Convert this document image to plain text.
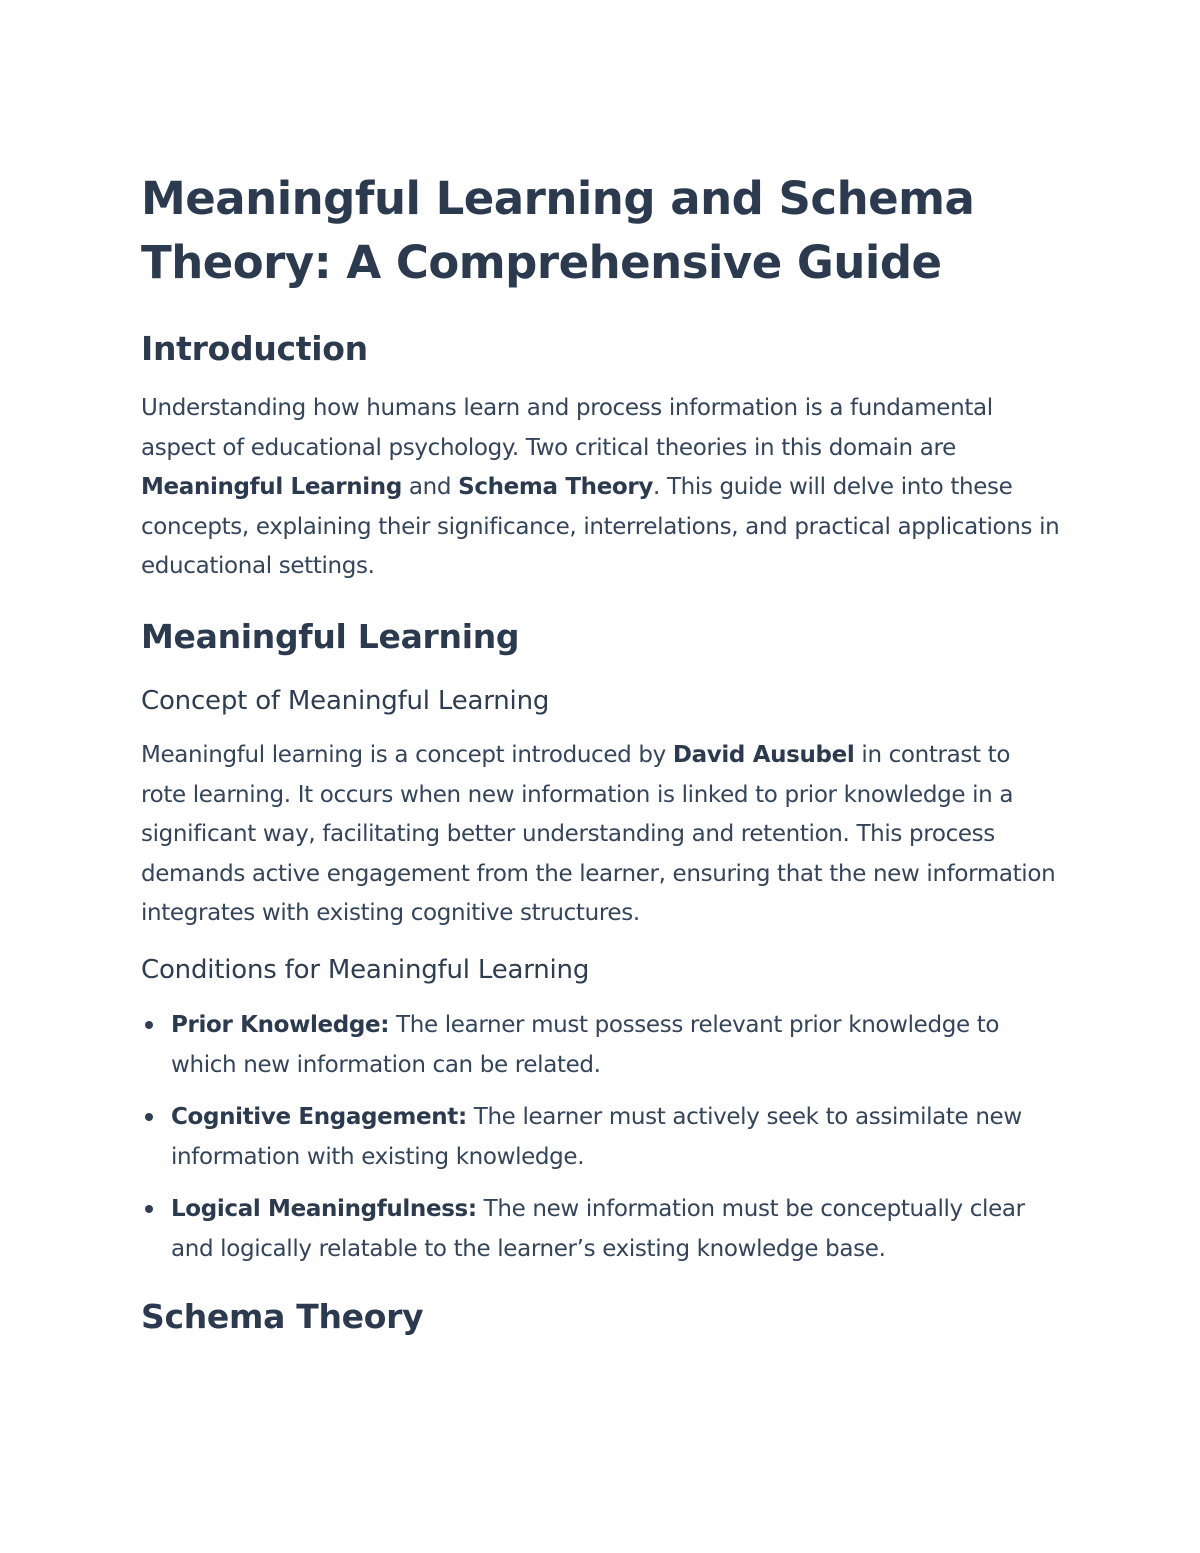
Meaningful Learning and Schema Theory: A Comprehensive Guide
Introduction

Understanding how humans learn and process information is a fundamental aspect of educational psychology. Two critical theories in this domain are Meaningful Learning and Schema Theory. This guide will delve into these concepts, explaining their significance, interrelations, and practical applications in educational settings.

Meaningful Learning
Concept of Meaningful Learning

Meaningful learning is a concept introduced by David Ausubel in contrast to rote learning. It occurs when new information is linked to prior knowledge in a significant way, facilitating better understanding and retention. This process demands active engagement from the learner, ensuring that the new information integrates with existing cognitive structures.

Conditions for Meaningful Learning
Prior Knowledge: The learner must possess relevant prior knowledge to which new information can be related.
Cognitive Engagement: The learner must actively seek to assimilate new information with existing knowledge.
Logical Meaningfulness: The new information must be conceptually clear and logically relatable to the learner’s existing knowledge base.
Schema Theory
